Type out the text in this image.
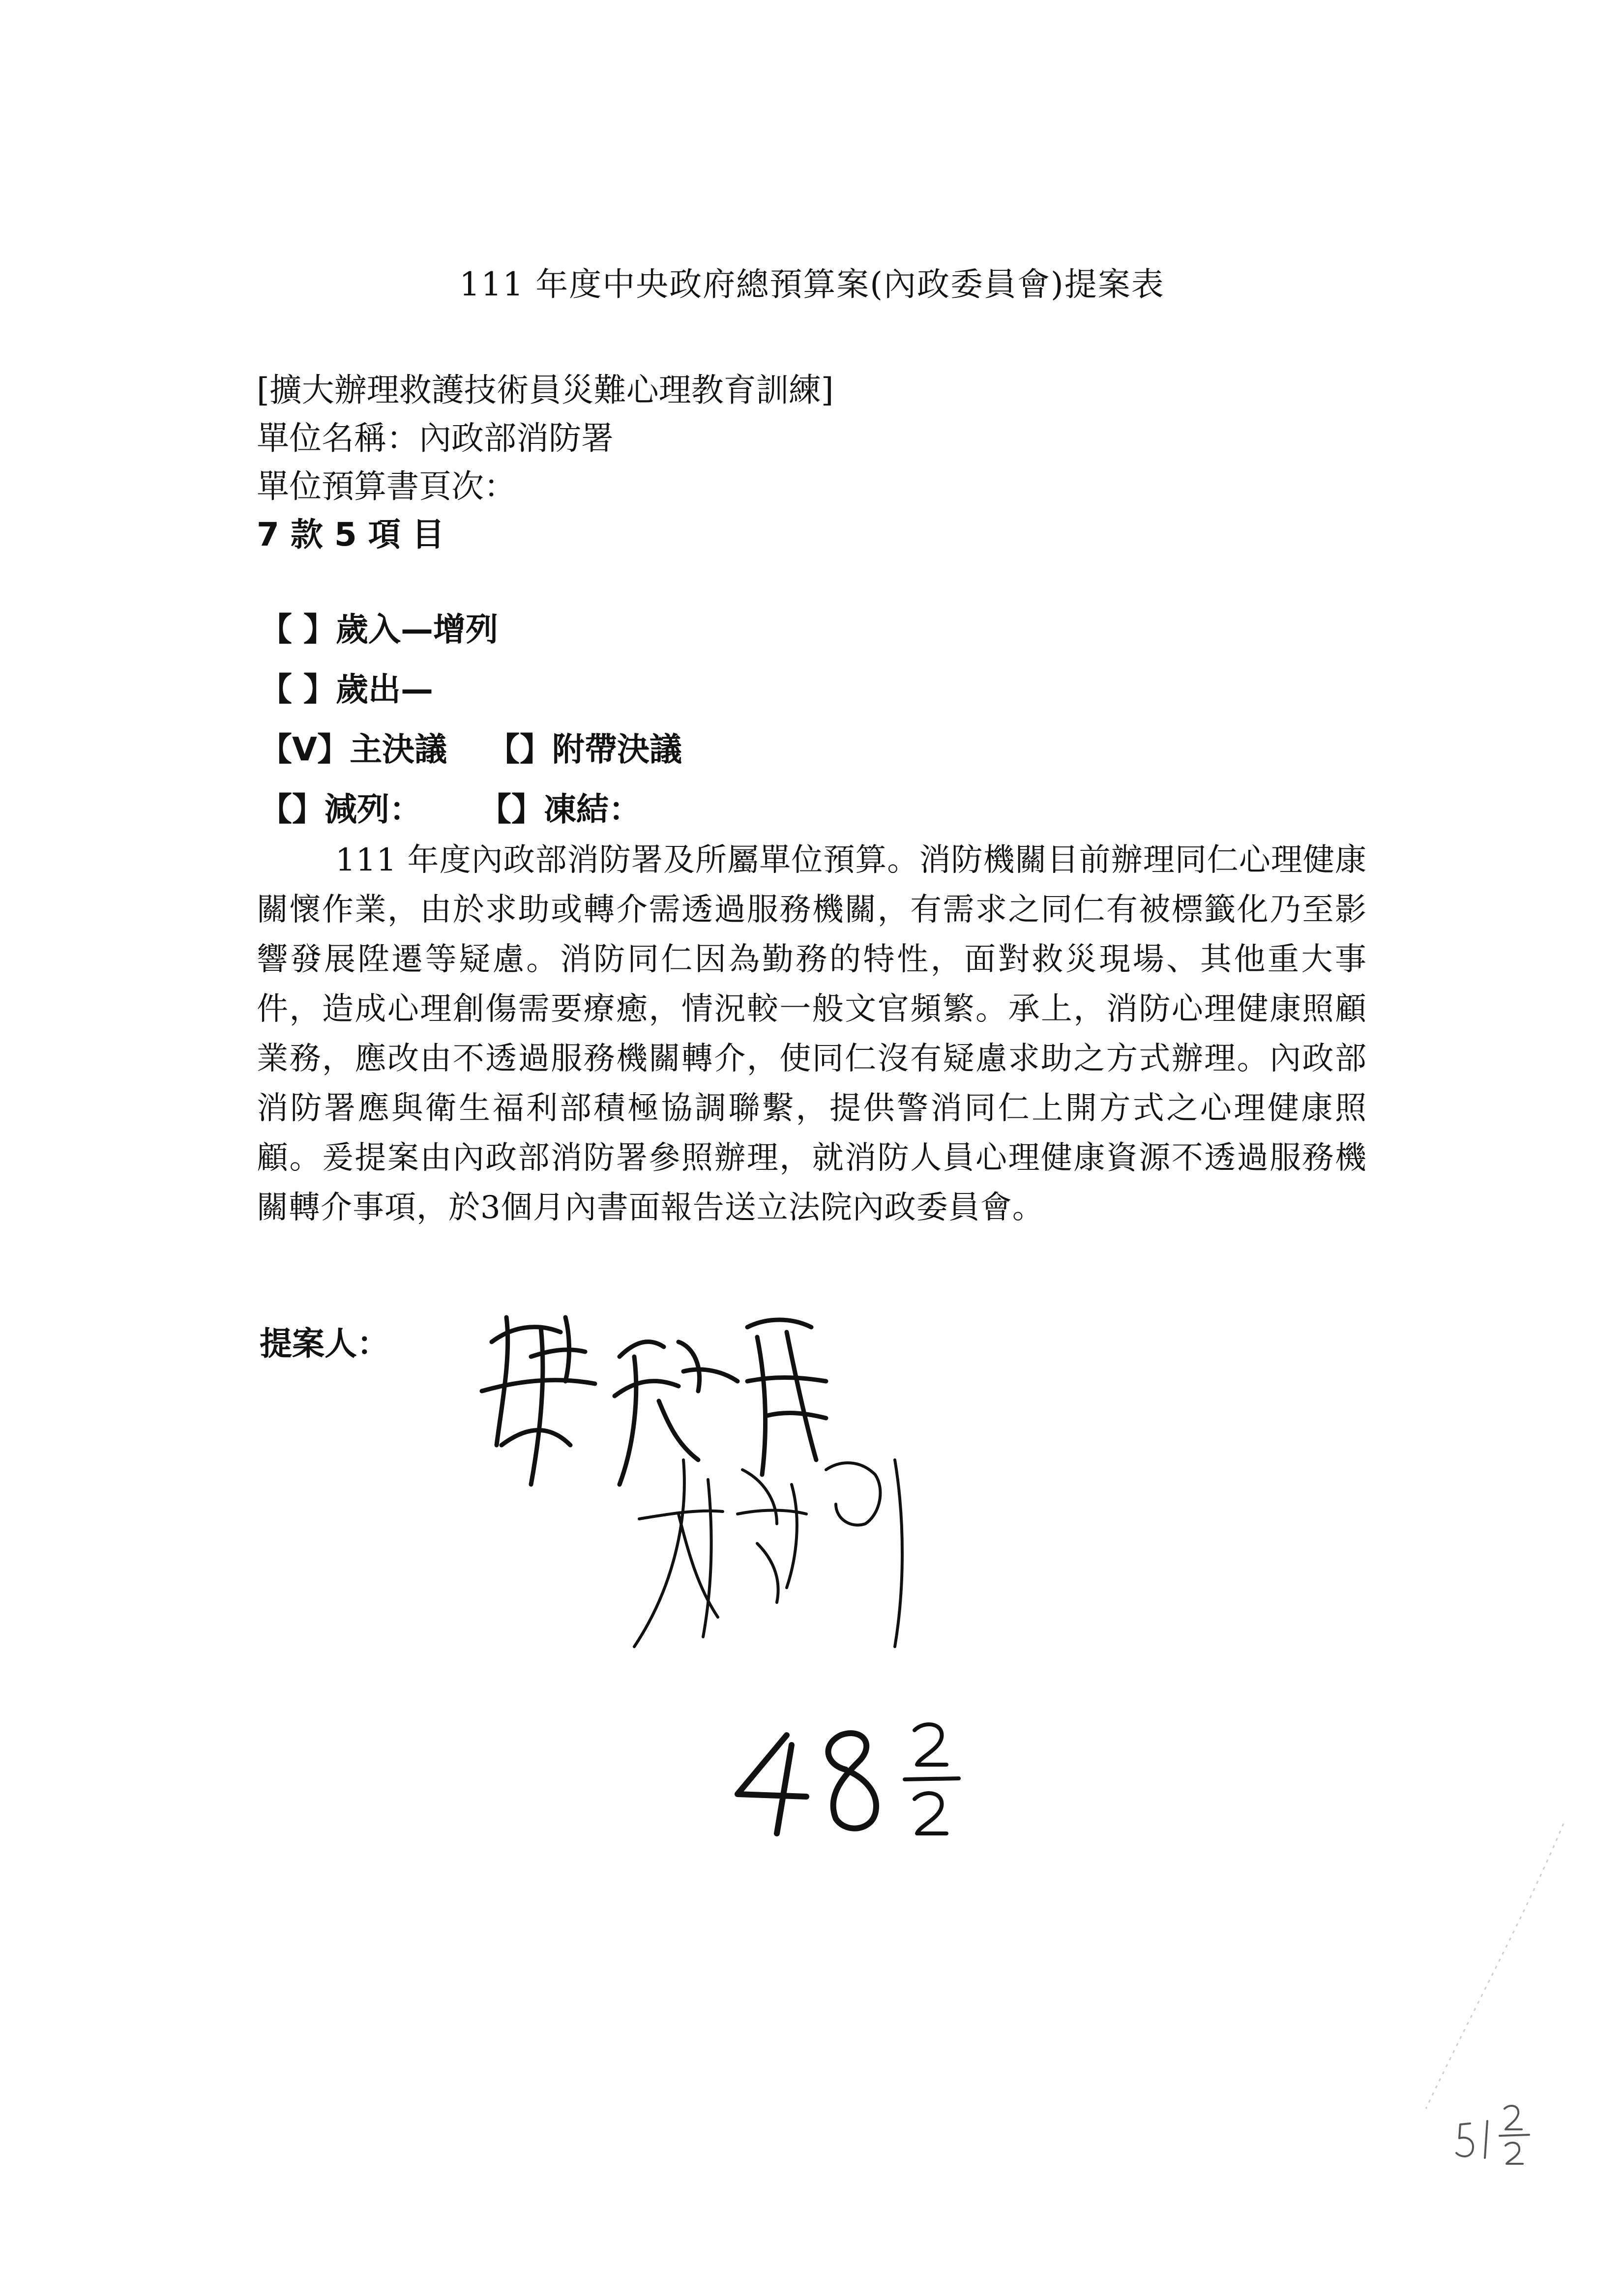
111 年度中央政府總預算案(內政委員會)提案表
[擴大辦理救護技術員災難心理教育訓練]
單位名稱：內政部消防署
單位預算書頁次：
7 款 5 項 目
【 】歲入—增列
【 】歲出—
【V】主決議 【】附帶決議
【】減列： 【】凍結：
111 年度內政部消防署及所屬單位預算。消防機關目前辦理同仁心理健康關懷作業，由於求助或轉介需透過服務機關，有需求之同仁有被標籤化乃至影響發展陞遷等疑慮。消防同仁因為勤務的特性，面對救災現場、其他重大事件，造成心理創傷需要療癒，情況較一般文官頻繁。承上，消防心理健康照顧業務，應改由不透過服務機關轉介，使同仁沒有疑慮求助之方式辦理。內政部消防署應與衛生福利部積極協調聯繫，提供警消同仁上開方式之心理健康照顧。爰提案由內政部消防署參照辦理，就消防人員心理健康資源不透過服務機關轉介事項，於3個月內書面報告送立法院內政委員會。
提案人：
